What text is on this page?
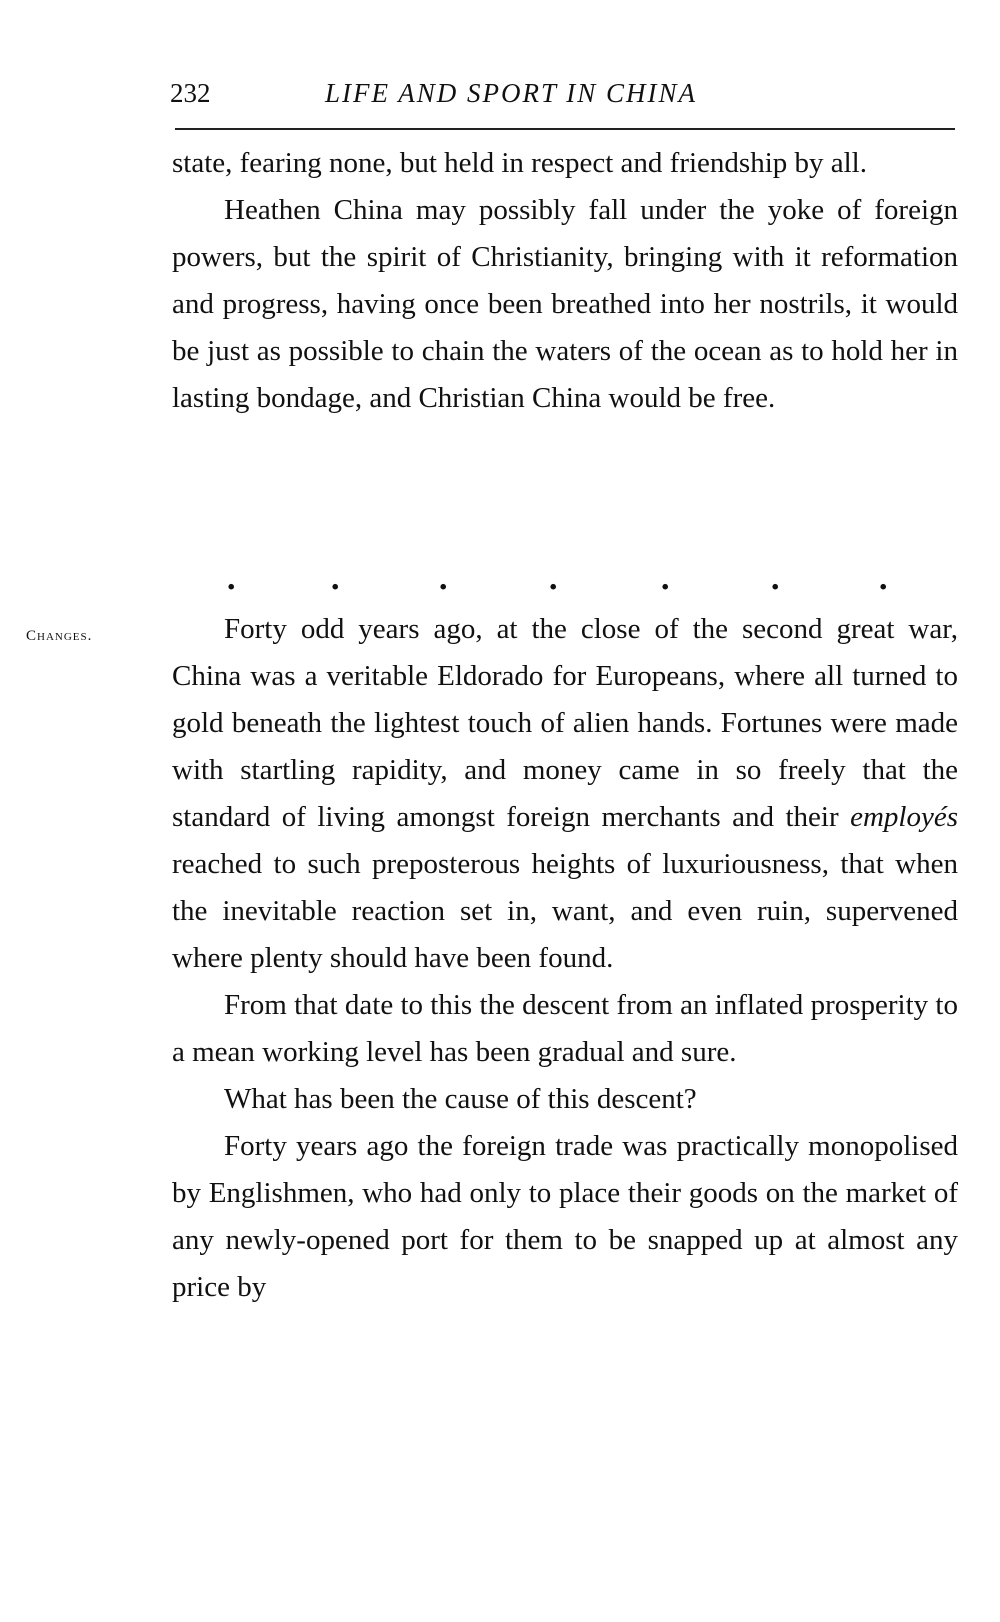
232	LIFE AND SPORT IN CHINA

state, fearing none, but held in respect and friendship by all.

Heathen China may possibly fall under the yoke of foreign powers, but the spirit of Christianity, bringing with it reformation and progress, having once been breathed into her nostrils, it would be just as possible to chain the waters of the ocean as to hold her in lasting bondage, and Christian China would be free.

.	.	.	.	.	.	.
Changes.	Forty odd years ago, at the close of the second great war, China was a veritable Eldorado for Europeans, where all turned to gold beneath the lightest touch of alien hands. Fortunes were made with startling rapidity, and money came in so freely that the standard of living amongst foreign merchants and their employés reached to such preposterous heights of luxuriousness, that when the inevitable reaction set in, want, and even ruin, supervened where plenty should have been found.

From that date to this the descent from an inflated prosperity to a mean working level has been gradual and sure.

What has been the cause of this descent?

Forty years ago the foreign trade was practically monopolised by Englishmen, who had only to place their goods on the market of any newly-opened port for them to be snapped up at almost any price by
